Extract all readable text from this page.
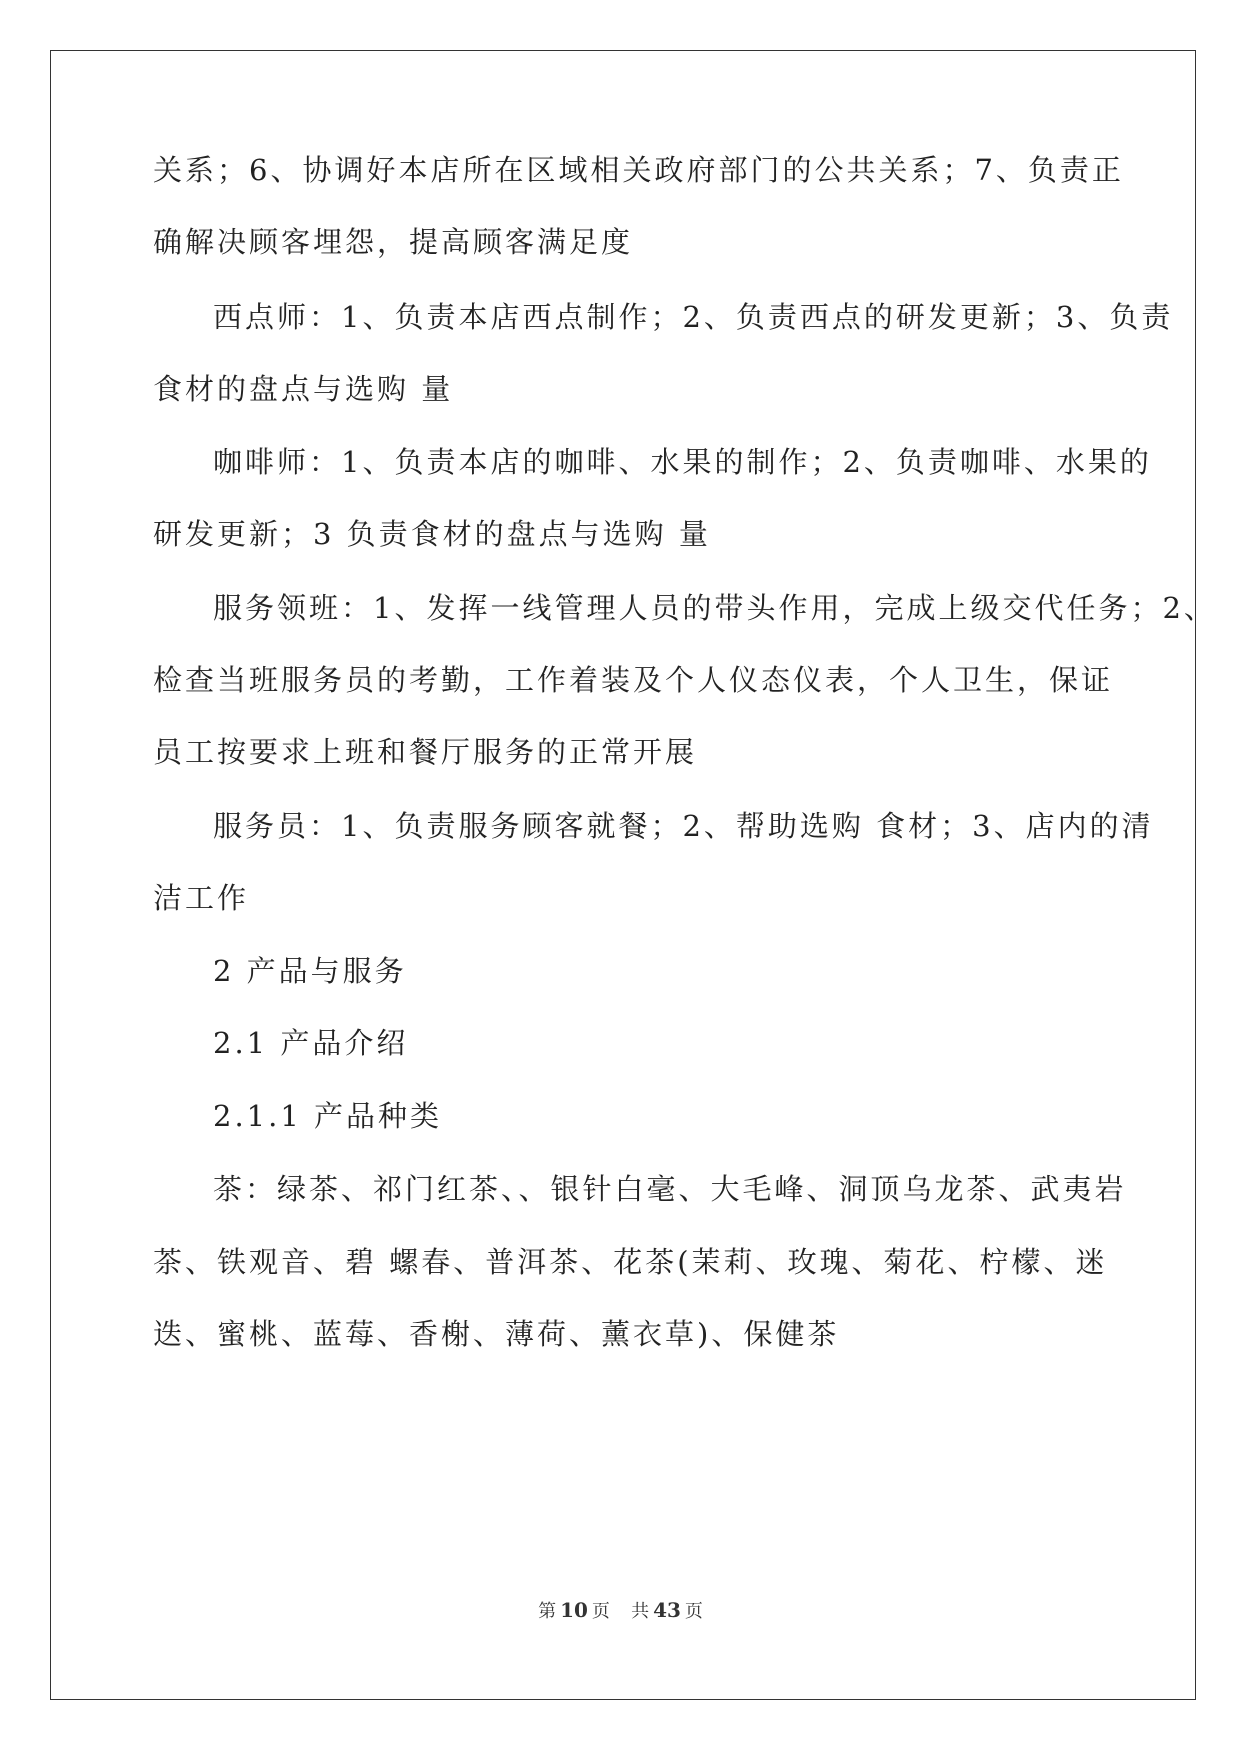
关系；6、协调好本店所在区域相关政府部门的公共关系；7、负责正
确解决顾客埋怨，提高顾客满足度
西点师：1、负责本店西点制作；2、负责西点的研发更新；3、负责
食材的盘点与选购 量
咖啡师：1、负责本店的咖啡、水果的制作；2、负责咖啡、水果的
研发更新；3 负责食材的盘点与选购 量
服务领班：1、发挥一线管理人员的带头作用，完成上级交代任务；2、
检查当班服务员的考勤，工作着装及个人仪态仪表，个人卫生，保证
员工按要求上班和餐厅服务的正常开展
服务员：1、负责服务顾客就餐；2、帮助选购 食材；3、店内的清
洁工作
2 产品与服务
2.1 产品介绍
2.1.1 产品种类
茶：绿茶、祁门红茶、、银针白毫、大毛峰、洞顶乌龙茶、武夷岩
茶、铁观音、碧 螺春、普洱茶、花茶(茉莉、玫瑰、菊花、柠檬、迷
迭、蜜桃、蓝莓、香榭、薄荷、薰衣草)、保健茶
第 10 页 共 43 页
